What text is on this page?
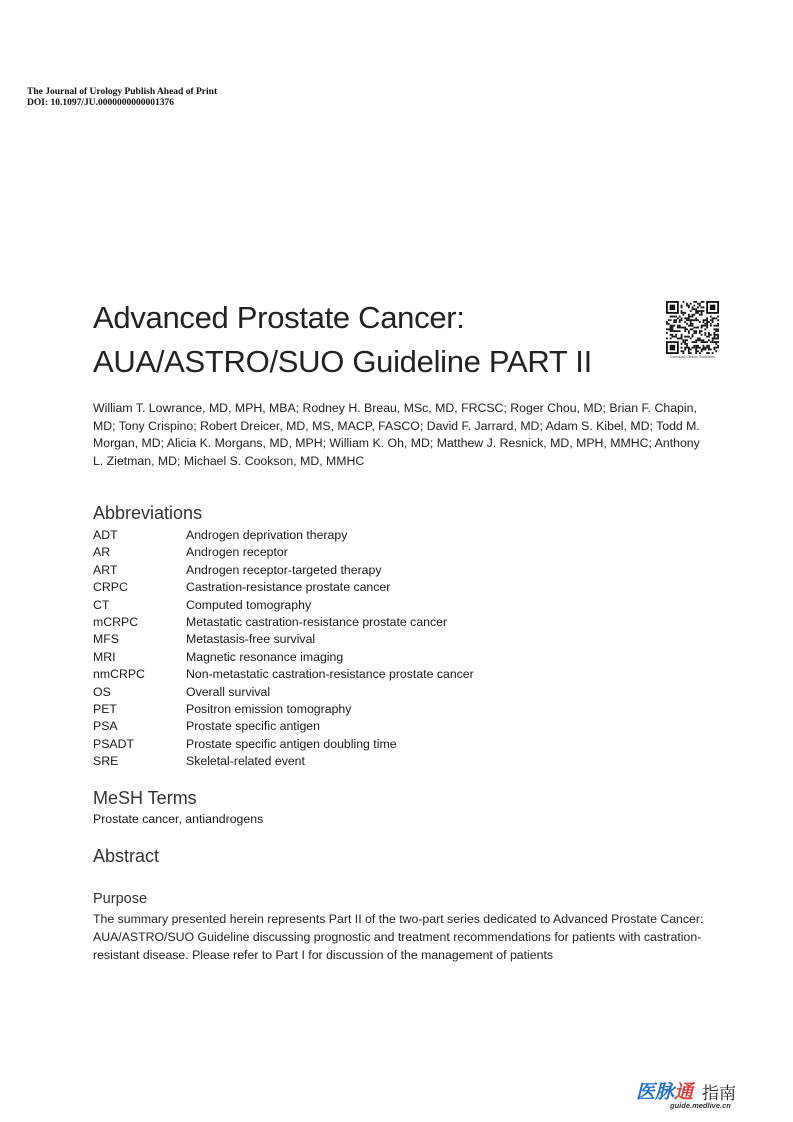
The Journal of Urology Publish Ahead of Print
DOI: 10.1097/JU.0000000000001376
Advanced Prostate Cancer:
AUA/ASTRO/SUO Guideline PART II	Download Clinical Guidelines

William T. Lowrance, MD, MPH, MBA; Rodney H. Breau, MSc, MD, FRCSC; Roger Chou, MD; Brian F. Chapin, MD; Tony Crispino; Robert Dreicer, MD, MS, MACP, FASCO; David F. Jarrard, MD; Adam S. Kibel, MD; Todd M. Morgan, MD; Alicia K. Morgans, MD, MPH; William K. Oh, MD; Matthew J. Resnick, MD, MPH, MMHC; Anthony L. Zietman, MD; Michael S. Cookson, MD, MMHC

Abbreviations
ADT	Androgen deprivation therapy
AR	Androgen receptor
ART	Androgen receptor-targeted therapy
CRPC	Castration-resistance prostate cancer
CT	Computed tomography
mCRPC	Metastatic castration-resistance prostate cancer
MFS	Metastasis-free survival
MRI	Magnetic resonance imaging
nmCRPC	Non-metastatic castration-resistance prostate cancer
OS	Overall survival
PET	Positron emission tomography
PSA	Prostate specific antigen
PSADT	Prostate specific antigen doubling time
SRE	Skeletal-related event
MeSH Terms

Prostate cancer, antiandrogens

Abstract
Purpose

The summary presented herein represents Part II of the two-part series dedicated to Advanced Prostate Cancer: AUA/ASTRO/SUO Guideline discussing prognostic and treatment recommendations for patients with castration-resistant disease. Please refer to Part I for discussion of the management of patients

医脉通 指南
guide.medlive.cn
